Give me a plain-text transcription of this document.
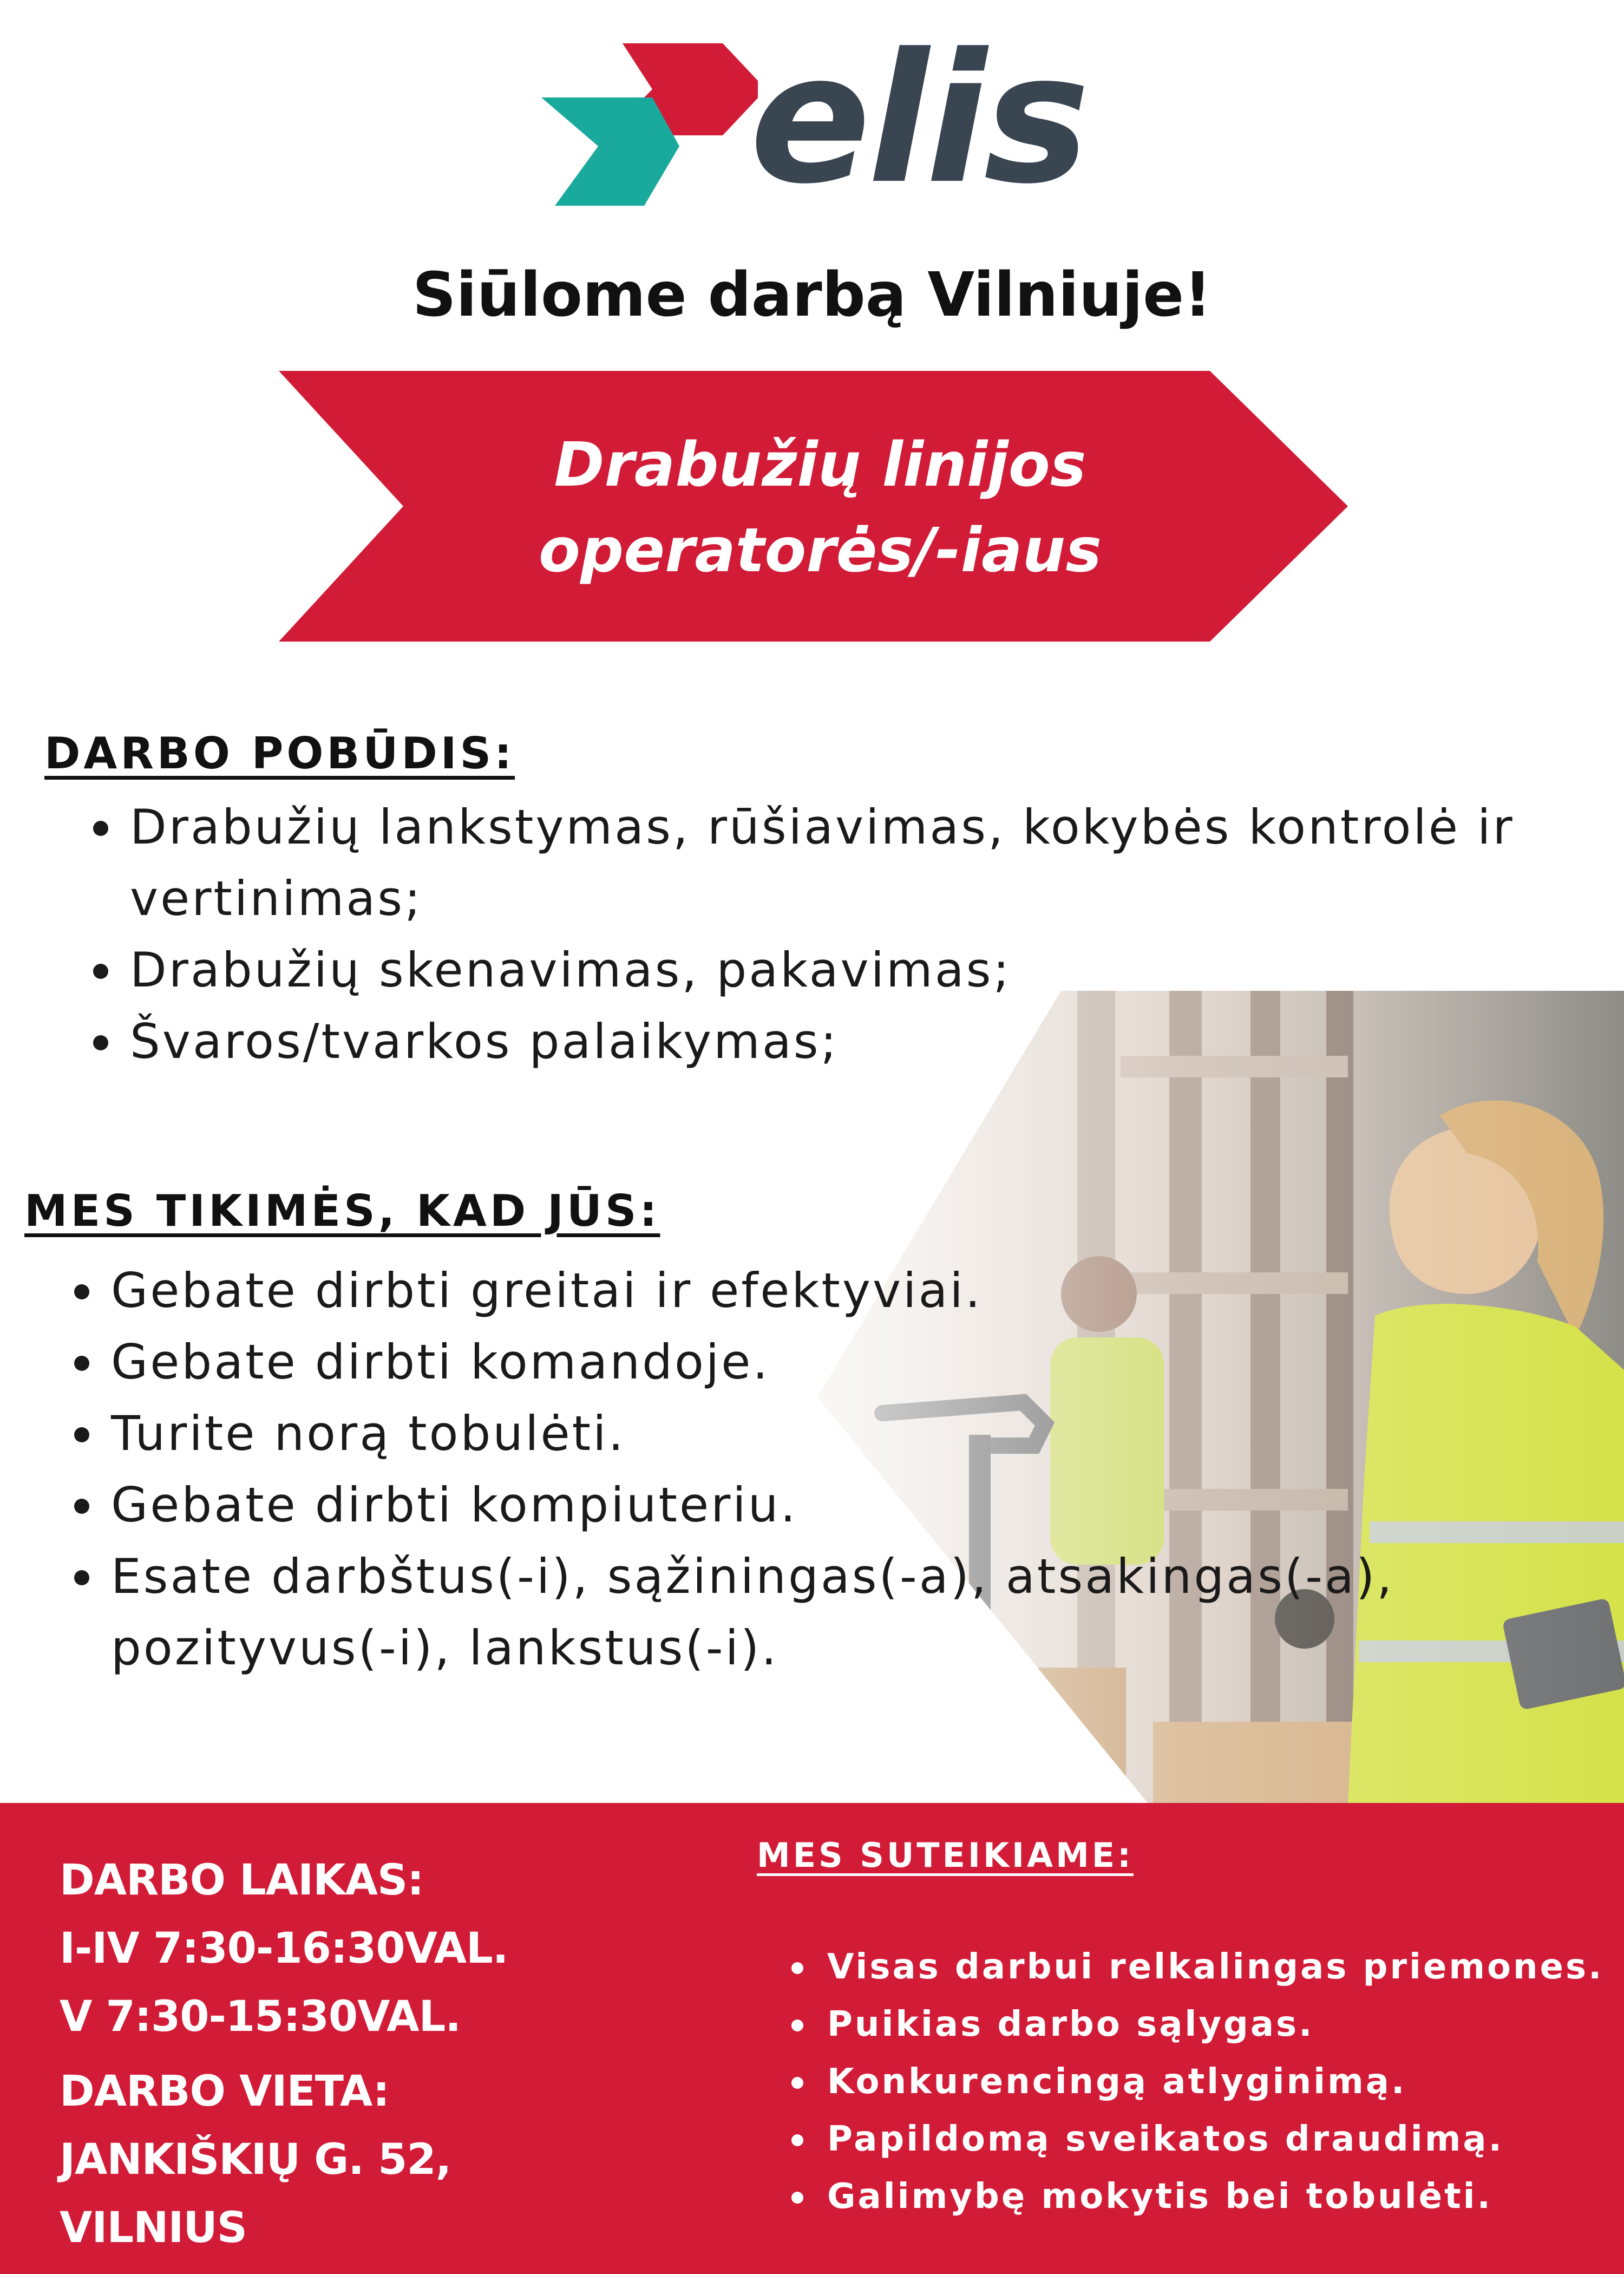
elis
Siūlome darbą Vilniuje!
Drabužių linijos
operatorės/-iaus
DARBO POBŪDIS:
Drabužių lankstymas, rūšiavimas, kokybės kontrolė ir vertinimas;
Drabužių skenavimas, pakavimas;
Švaros/tvarkos palaikymas;
MES TIKIMĖS, KAD JŪS:
Gebate dirbti greitai ir efektyviai.
Gebate dirbti komandoje.
Turite norą tobulėti.
Gebate dirbti kompiuteriu.
Esate darbštus(-i), sąžiningas(-a), atsakingas(-a), pozityvus(-i), lankstus(-i).
DARBO LAIKAS:
I-IV 7:30-16:30VAL.
V 7:30-15:30VAL.
DARBO VIETA:
JANKIŠKIŲ G. 52,
VILNIUS
MES SUTEIKIAME:
Visas darbui relkalingas priemones.
Puikias darbo sąlygas.
Konkurencingą atlyginimą.
Papildomą sveikatos draudimą.
Galimybę mokytis bei tobulėti.
